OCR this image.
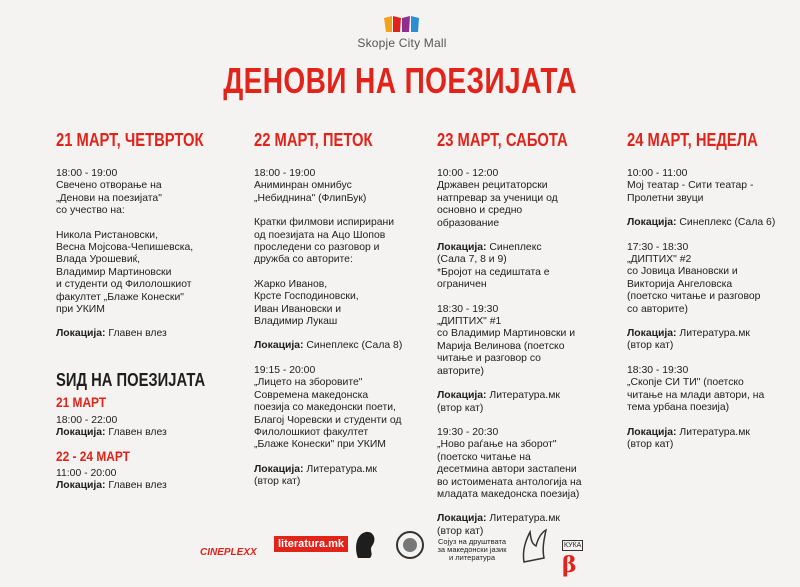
Skopje City Mall
ДЕНОВИ НА ПОЕЗИЈАТА
21 МАРТ, ЧЕТВРТОК
18:00 - 19:00
Свечено отворање на
„Денови на поезијата"
со учество на:
Никола Ристановски,
Весна Мојсова-Чепишевска,
Влада Урошевиќ,
Владимир Мартиновски
и студенти од Филолошкиот
факултет „Блаже Конески"
при УКИМ
Локација: Главен влез
22 МАРТ, ПЕТОК
18:00 - 19:00
Аниминран омнибус
„Небиднина" (ФлипБук)
Кратки филмови испирирани
од поезијата на Ацо Шопов
проследени со разговор и
дружба со авторите:
Жарко Иванов,
Крсте Господиновски,
Иван Ивановски и
Владимир Лукаш
Локација: Синеплекс (Сала 8)
19:15 - 20:00
„Лицето на зборовите"
Современа македонска
поезија со македонски поети,
Благој Чоревски и студенти од
Филолошкиот факултет
„Блаже Конески" при УКИМ
Локација: Литература.мк
(втор кат)
23 МАРТ, САБОТА
10:00 - 12:00
Државен рецитаторски
натпревар за ученици од
основно и средно
образование
Локација: Синеплекс
(Сала 7, 8 и 9)
*Бројот на седиштата е
ограничен
18:30 - 19:30
„ДИПТИХ" #1
со Владимир Мартиновски и
Марија Велинова (поетско
читање и разговор со
авторите)
Локација: Литература.мк
(втор кат)
19:30 - 20:30
„Ново раѓање на зборот"
(поетско читање на
десетмина автори застапени
во истоимената антологија на
младата македонска поезија)
Локација: Литература.мк
(втор кат)
24 МАРТ, НЕДЕЛА
10:00 - 11:00
Мој театар - Сити театар -
Пролетни звуци
Локација: Синеплекс (Сала 6)
17:30 - 18:30
„ДИПТИХ" #2
со Јовица Ивановски и
Викторија Ангеловска
(поетско читање и разговор
со авторите)
Локација: Литература.мк
(втор кат)
18:30 - 19:30
„Скопје СИ ТИ" (поетско
читање на млади автори, на
тема урбана поезија)
Локација: Литература.мк
(втор кат)
ЅИД НА ПОЕЗИЈАТА
21 МАРТ
18:00 - 22:00
Локација: Главен влез
22 - 24 МАРТ
11:00 - 20:00
Локација: Главен влез
CINEPLEXX
literatura.mk	Сојуз на друштвата
за македонски јазик
и литература
КУЌА β
